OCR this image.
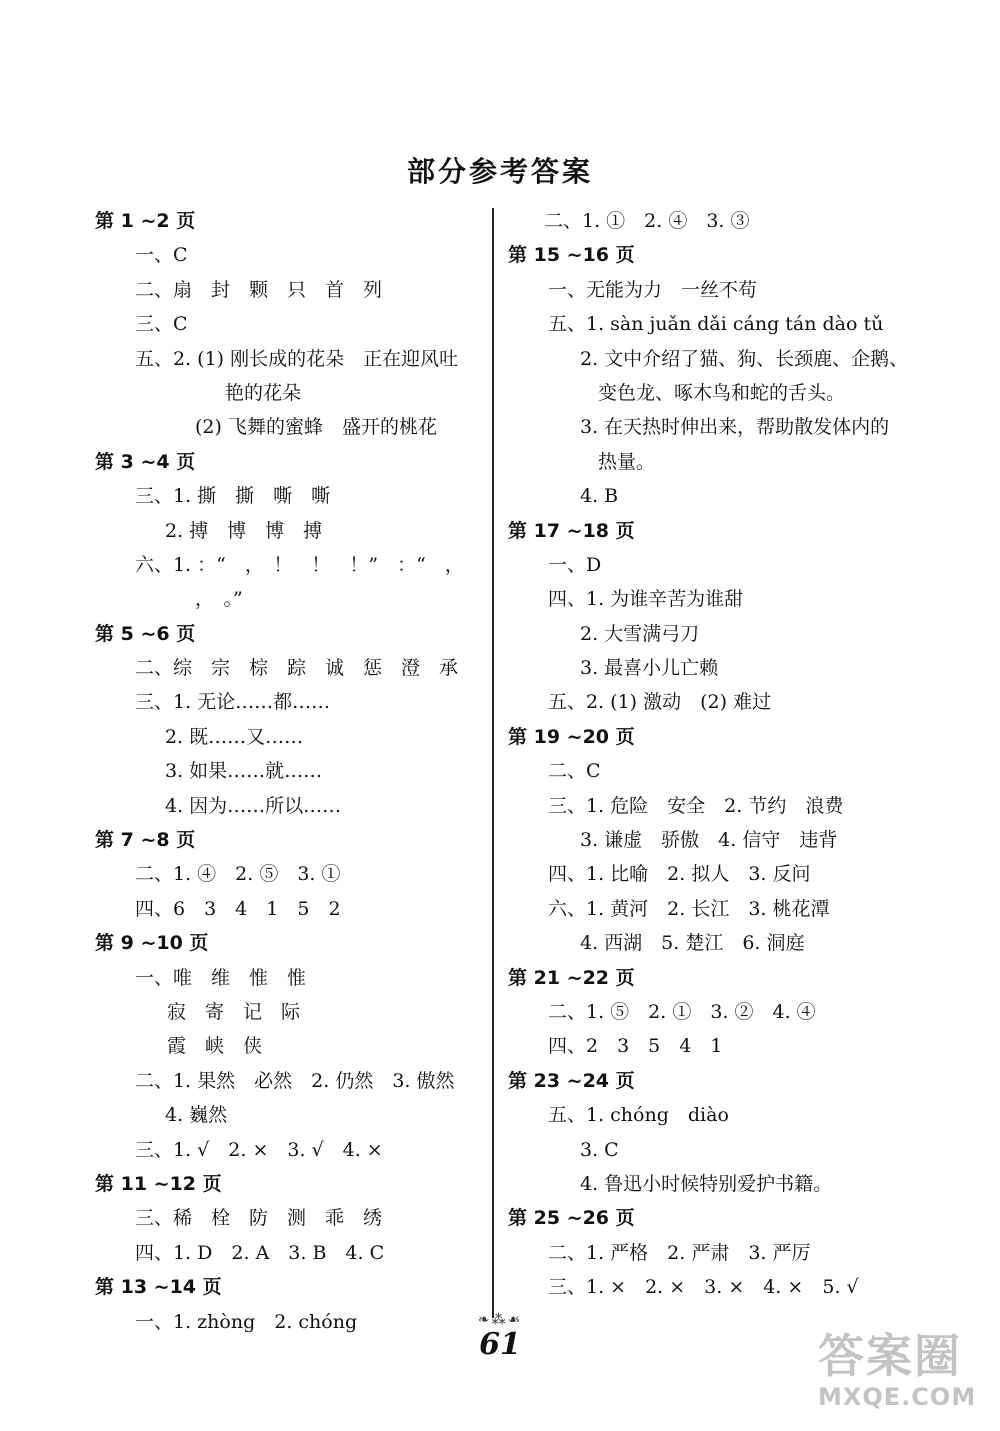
部分参考答案
第 1 ~2 页
一、C
二、扇　封　颗　只　首　列
三、C
五、2. (1) 刚长成的花朵　正在迎风吐
艳的花朵
(2) 飞舞的蜜蜂　盛开的桃花
第 3 ~4 页
三、1. 撕　撕　嘶　嘶
2. 搏　博　博　搏
六、1. ：“　，　！　！　！”　：“　，
，　。”
第 5 ~6 页
二、综　宗　棕　踪　诚　惩　澄　承
三、1. 无论……都……
2. 既……又……
3. 如果……就……
4. 因为……所以……
第 7 ~8 页
二、1. ④　2. ⑤　3. ①
四、6　3　4　1　5　2
第 9 ~10 页
一、唯　维　惟　惟
寂　寄　记　际
霞　峡　侠
二、1. 果然　必然　2. 仍然　3. 傲然
4. 巍然
三、1. √　2. ×　3. √　4. ×
第 11 ~12 页
三、稀　栓　防　测　乖　绣
四、1. D　2. A　3. B　4. C
第 13 ~14 页
一、1. zhòng　2. chóng
二、1. ①　2. ④　3. ③
第 15 ~16 页
一、无能为力　一丝不苟
五、1. sàn juǎn dǎi cáng tán dào tǔ
2. 文中介绍了猫、狗、长颈鹿、企鹅、
变色龙、啄木鸟和蛇的舌头。
3. 在天热时伸出来，帮助散发体内的
热量。
4. B
第 17 ~18 页
一、D
四、1. 为谁辛苦为谁甜
2. 大雪满弓刀
3. 最喜小儿亡赖
五、2. (1) 激动　(2) 难过
第 19 ~20 页
二、C
三、1. 危险　安全　2. 节约　浪费
3. 谦虚　骄傲　4. 信守　违背
四、1. 比喻　2. 拟人　3. 反问
六、1. 黄河　2. 长江　3. 桃花潭
4. 西湖　5. 楚江　6. 洞庭
第 21 ~22 页
二、1. ⑤　2. ①　3. ②　4. ④
四、2　3　5　4　1
第 23 ~24 页
五、1. chóng　diào
3. C
4. 鲁迅小时候特别爱护书籍。
第 25 ~26 页
二、1. 严格　2. 严肃　3. 严厉
三、1. ×　2. ×　3. ×　4. ×　5. √
❧⁂☙
61	答案圈
MXQE.COM
